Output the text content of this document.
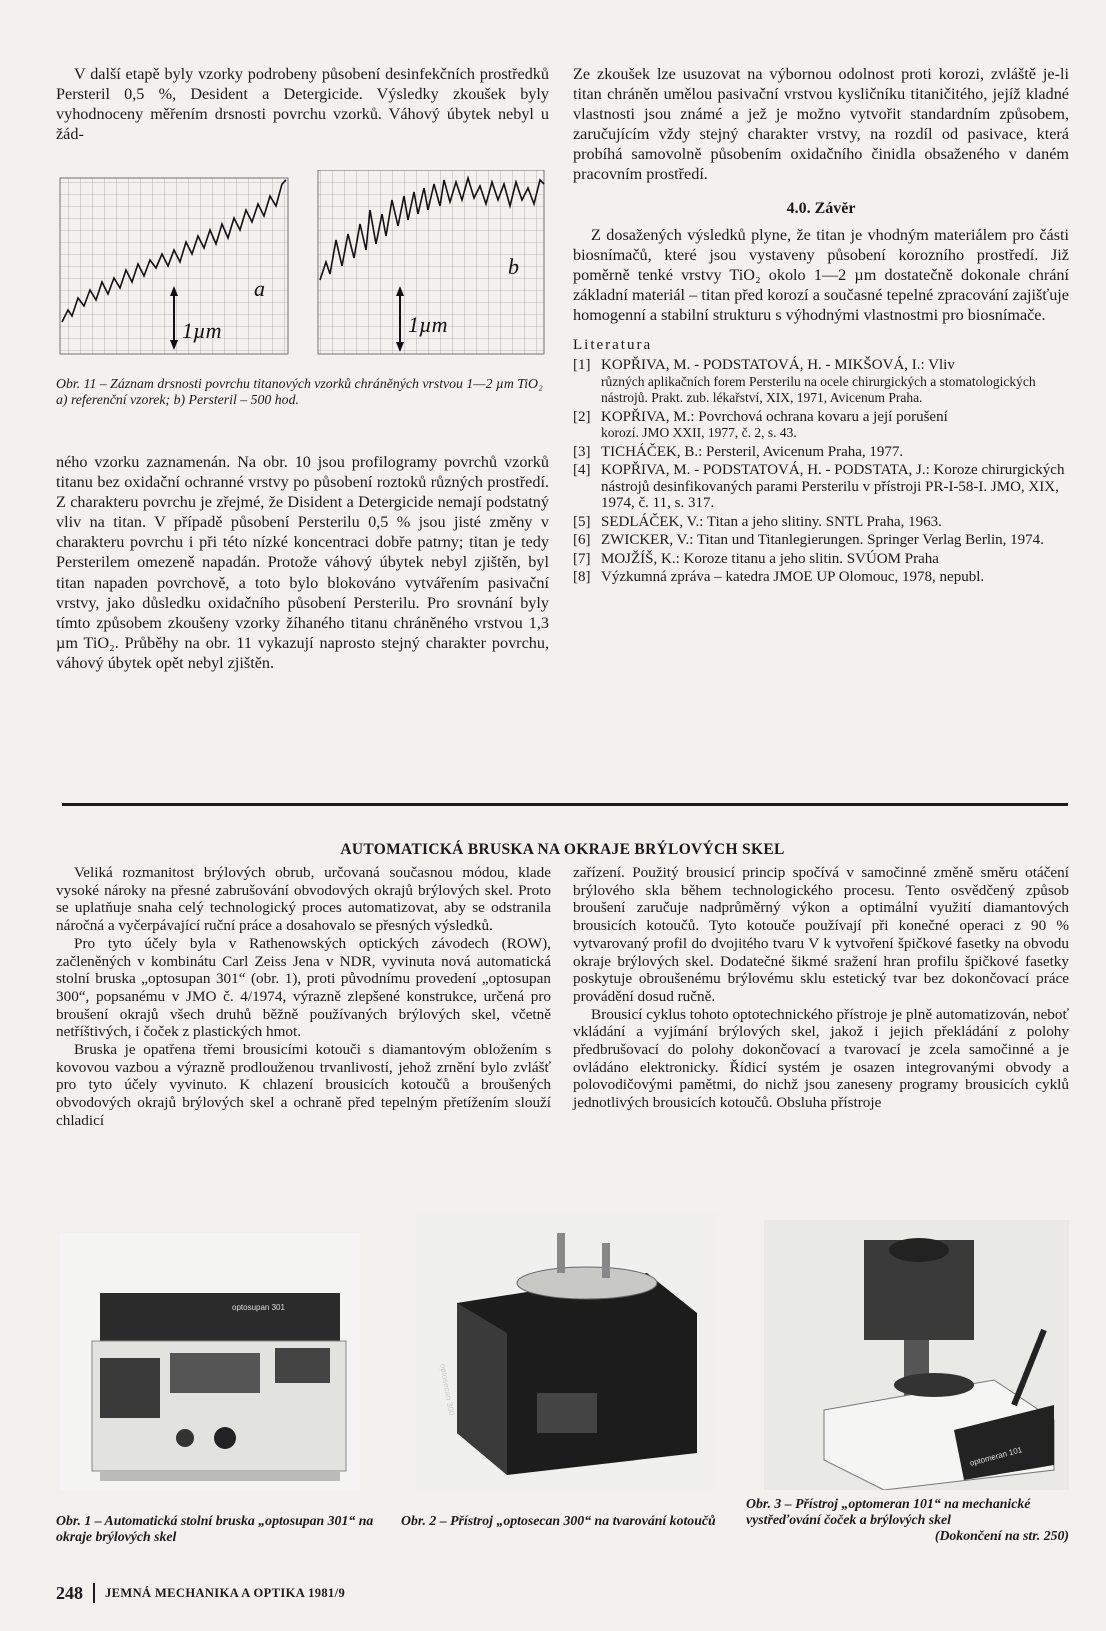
V další etapě byly vzorky podrobeny působení desinfekčních prostředků Persteril 0,5 %, Desident a Detergicide. Výsledky zkoušek byly vyhodnoceny měřením drsnosti povrchu vzorků. Váhový úbytek nebyl u žád-

1µm
a
1µm
b
Obr. 11 – Záznam drsnosti povrchu titanových vzorků chráněných vrstvou 1—2 µm TiO₂
a) referenční vzorek; b) Persteril – 500 hod.

ného vzorku zaznamenán. Na obr. 10 jsou profilogramy povrchů vzorků titanu bez oxidační ochranné vrstvy po působení roztoků různých prostředí. Z charakteru povrchu je zřejmé, že Disident a Detergicide nemají podstatný vliv na titan. V případě působení Persterilu 0,5 % jsou jisté změny v charakteru povrchu i při této nízké koncentraci dobře patrny; titan je tedy Persterilem omezeně napadán. Protože váhový úbytek nebyl zjištěn, byl titan napaden povrchově, a toto bylo blokováno vytvářením pasivační vrstvy, jako důsledku oxidačního působení Persterilu. Pro srovnání byly tímto způsobem zkoušeny vzorky žíhaného titanu chráněného vrstvou 1,3 µm TiO₂. Průběhy na obr. 11 vykazují naprosto stejný charakter povrchu, váhový úbytek opět nebyl zjištěn.

Ze zkoušek lze usuzovat na výbornou odolnost proti korozi, zvláště je-li titan chráněn umělou pasivační vrstvou kysličníku titaničitého, jejíž kladné vlastnosti jsou známé a jež je možno vytvořit standardním způsobem, zaručujícím vždy stejný charakter vrstvy, na rozdíl od pasivace, která probíhá samovolně působením oxidačního činidla obsaženého v daném pracovním prostředí.

4.0. Závěr

Z dosažených výsledků plyne, že titan je vhodným materiálem pro části biosnímačů, které jsou vystaveny působení korozního prostředí. Již poměrně tenké vrstvy TiO₂ okolo 1—2 µm dostatečně dokonale chrání základní materiál – titan před korozí a současné tepelné zpracování zajišťuje homogenní a stabilní strukturu s výhodnými vlastnostmi pro biosnímače.

Literatura
[1] KOPŘIVA, M. - PODSTATOVÁ, H. - MIKŠOVÁ, I.: Vliv
různých aplikačních forem Persterilu na ocele chirurgických a stomatologických nástrojů. Prakt. zub. lékařství, XIX, 1971, Avicenum Praha.
[2] KOPŘIVA, M.: Povrchová ochrana kovaru a její porušení
korozí. JMO XXII, 1977, č. 2, s. 43.
[3] TICHÁČEK, B.: Persteril, Avicenum Praha, 1977.
[4] KOPŘIVA, M. - PODSTATOVÁ, H. - PODSTATA, J.: Koroze chirurgických nástrojů desinfikovaných parami Persterilu v přístroji PR-I-58-I. JMO, XIX, 1974, č. 11, s. 317.
[5] SEDLÁČEK, V.: Titan a jeho slitiny. SNTL Praha, 1963.
[6] ZWICKER, V.: Titan und Titanlegierungen. Springer Verlag Berlin, 1974.
[7] MOJŽÍŠ, K.: Koroze titanu a jeho slitin. SVÚOM Praha
[8] Výzkumná zpráva – katedra JMOE UP Olomouc, 1978, nepubl.
AUTOMATICKÁ BRUSKA NA OKRAJE BRÝLOVÝCH SKEL

Veliká rozmanitost brýlových obrub, určovaná současnou módou, klade vysoké nároky na přesné zabrušování obvodových okrajů brýlových skel. Proto se uplatňuje snaha celý technologický proces automatizovat, aby se odstranila náročná a vyčerpávající ruční práce a dosahovalo se přesných výsledků.

Pro tyto účely byla v Rathenowských optických závodech (ROW), začleněných v kombinátu Carl Zeiss Jena v NDR, vyvinuta nová automatická stolní bruska „optosupan 301“ (obr. 1), proti původnímu provedení „optosupan 300“, popsanému v JMO č. 4/1974, výrazně zlepšené konstrukce, určená pro broušení okrajů všech druhů běžně používaných brýlových skel, včetně netříštivých, i čoček z plastických hmot.

Bruska je opatřena třemi brousicími kotouči s diamantovým obložením s kovovou vazbou a výrazně prodlouženou trvanlivostí, jehož zrnění bylo zvlášť pro tyto účely vyvinuto. K chlazení brousicích kotoučů a broušených obvodových okrajů brýlových skel a ochraně před tepelným přetížením slouží chladicí

zařízení. Použitý brousicí princip spočívá v samočinné změně směru otáčení brýlového skla během technologického procesu. Tento osvědčený způsob broušení zaručuje nadprůměrný výkon a optimální využití diamantových brousicích kotoučů. Tyto kotouče používají při konečné operaci z 90 % vytvarovaný profil do dvojitého tvaru V k vytvoření špičkové fasetky na obvodu okraje brýlových skel. Dodatečné šikmé sražení hran profilu špičkové fasetky poskytuje obroušenému brýlovému sklu estetický tvar bez dokončovací práce provádění dosud ručně.

Brousicí cyklus tohoto optotechnického přístroje je plně automatizován, neboť vkládání a vyjímání brýlových skel, jakož i jejich překládání z polohy předbrušovací do polohy dokončovací a tvarovací je zcela samočinné a je ovládáno elektronicky. Řídicí systém je osazen integrovanými obvody a polovodičovými pamětmi, do nichž jsou zaneseny programy brousicích cyklů jednotlivých brousicích kotoučů. Obsluha přístroje

optosupan 301
optosecan 300
optomeran 101
Obr. 1 – Automatická stolní bruska „optosupan 301“ na okraje brýlových skel
Obr. 2 – Přístroj „optosecan 300“ na tvarování kotoučů
Obr. 3 – Přístroj „optomeran 101“ na mechanické vystřeďování čoček a brýlových skel
(Dokončení na str. 250)
248 JEMNÁ MECHANIKA A OPTIKA 1981/9
